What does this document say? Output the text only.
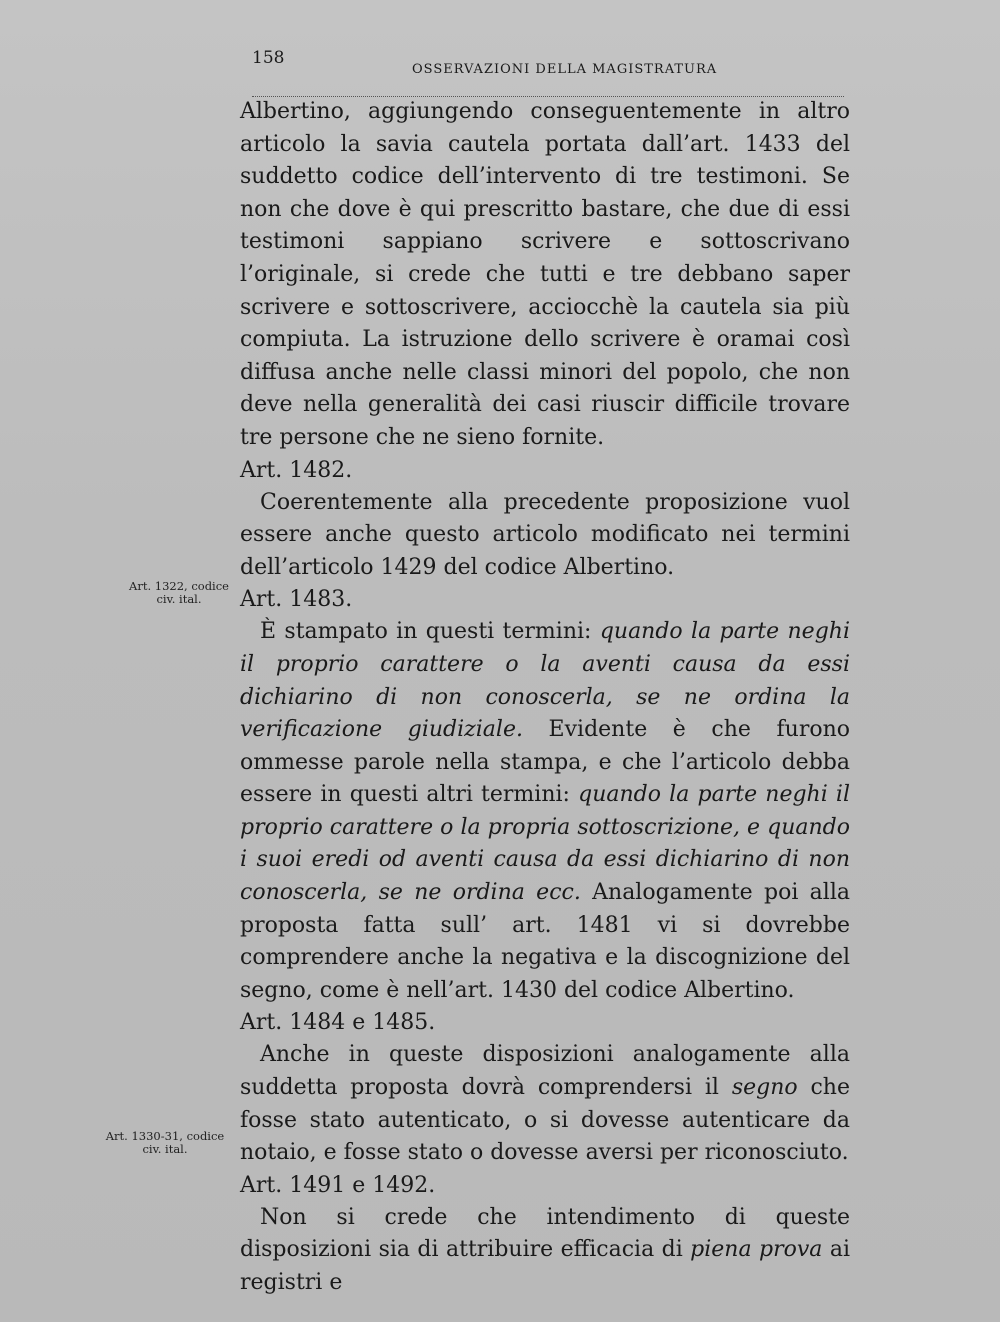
158
OSSERVAZIONI DELLA MAGISTRATURA
Art. 1322, codice civ. ital.
Art. 1330-31, codice civ. ital.

Albertino, aggiungendo conseguentemente in altro articolo la savia cautela portata dall’art. 1433 del suddetto codice dell’intervento di tre testimoni. Se non che dove è qui prescritto bastare, che due di essi testimoni sappiano scrivere e sottoscrivano l’originale, si crede che tutti e tre debbano saper scrivere e sottoscrivere, acciocchè la cautela sia più compiuta. La istruzione dello scrivere è oramai così diffusa anche nelle classi minori del popolo, che non deve nella generalità dei casi riuscir difficile trovare tre persone che ne sieno fornite.

Art. 1482.

Coerentemente alla precedente proposizione vuol essere anche questo articolo modificato nei termini dell’articolo 1429 del codice Albertino.

Art. 1483.

È stampato in questi termini: quando la parte neghi il proprio carattere o la aventi causa da essi dichiarino di non conoscerla, se ne ordina la verificazione giudiziale. Evidente è che furono ommesse parole nella stampa, e che l’articolo debba essere in questi altri termini: quando la parte neghi il proprio carattere o la propria sottoscrizione, e quando i suoi eredi od aventi causa da essi dichiarino di non conoscerla, se ne ordina ecc. Analogamente poi alla proposta fatta sull’ art. 1481 vi si dovrebbe comprendere anche la negativa e la discognizione del segno, come è nell’art. 1430 del codice Albertino.

Art. 1484 e 1485.

Anche in queste disposizioni analogamente alla suddetta proposta dovrà comprendersi il segno che fosse stato autenticato, o si dovesse autenticare da notaio, e fosse stato o dovesse aversi per riconosciuto.

Art. 1491 e 1492.

Non si crede che intendimento di queste disposizioni sia di attribuire efficacia di piena prova ai registri e
